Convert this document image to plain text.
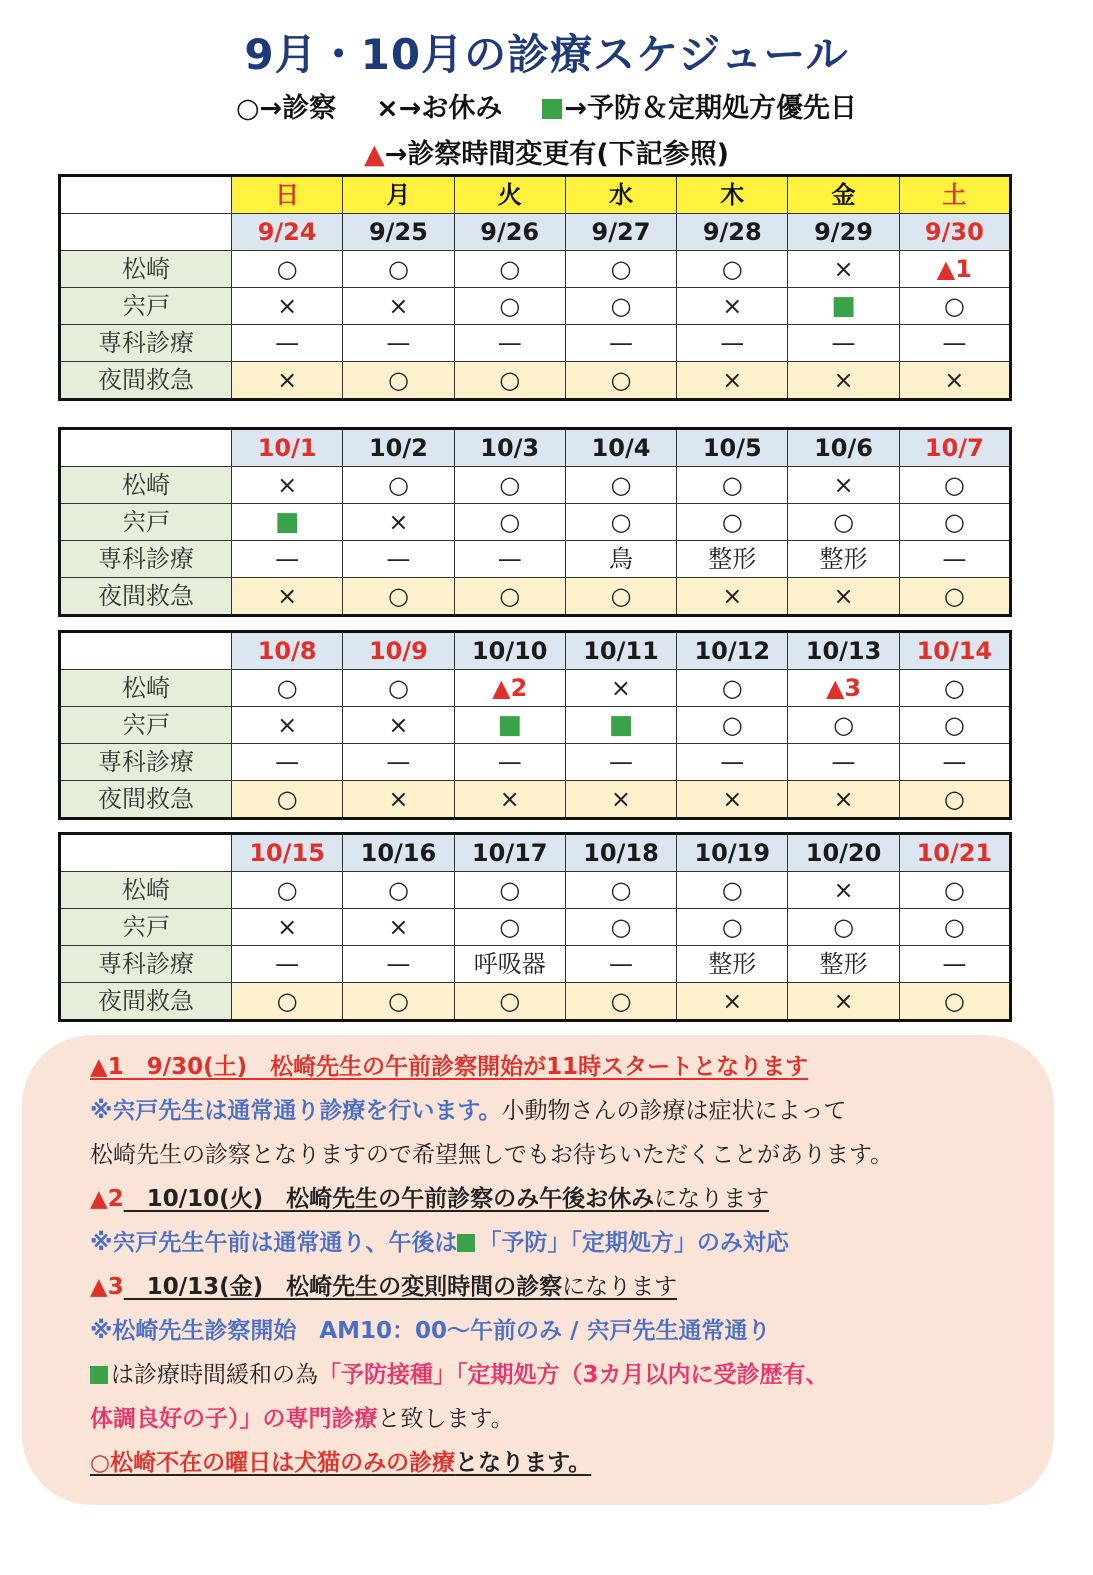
9月・10月の診療スケジュール
○→診察 ×→お休み →予防＆定期処方優先日
▲→診察時間変更有(下記参照)
	日	月	火	水	木	金	土
	9/24	9/25	9/26	9/27	9/28	9/29	9/30
松崎	○	○	○	○	○	×	▲1
宍戸	×	×	○	○	×	■	○
専科診療	—	—	—	—	—	—	—
夜間救急	×	○	○	○	×	×	×
	10/1	10/2	10/3	10/4	10/5	10/6	10/7
松崎	×	○	○	○	○	×	○
宍戸	■	×	○	○	○	○	○
専科診療	—	—	—	鳥	整形	整形	—
夜間救急	×	○	○	○	×	×	○
	10/8	10/9	10/10	10/11	10/12	10/13	10/14
松崎	○	○	▲2	×	○	▲3	○
宍戸	×	×	■	■	○	○	○
専科診療	—	—	—	—	—	—	—
夜間救急	○	×	×	×	×	×	○
	10/15	10/16	10/17	10/18	10/19	10/20	10/21
松崎	○	○	○	○	○	×	○
宍戸	×	×	○	○	○	○	○
専科診療	—	—	呼吸器	—	整形	整形	—
夜間救急	○	○	○	○	×	×	○
▲1　9/30(土)　松崎先生の午前診察開始が11時スタートとなります
※宍戸先生は通常通り診療を行います。小動物さんの診療は症状によって
松崎先生の診察となりますので希望無しでもお待ちいただくことがあります。
▲2　10/10(火)　松崎先生の午前診察のみ午後お休みになります
※宍戸先生午前は通常通り、午後は 「予防」「定期処方」のみ対応
▲3　10/13(金)　松崎先生の変則時間の診察になります
※松崎先生診察開始　AM10：00〜午前のみ / 宍戸先生通常通り
は診療時間緩和の為「予防接種」「定期処方（3カ月以内に受診歴有、
体調良好の子）」の専門診療と致します。
○松崎不在の曜日は犬猫のみの診療となります。
